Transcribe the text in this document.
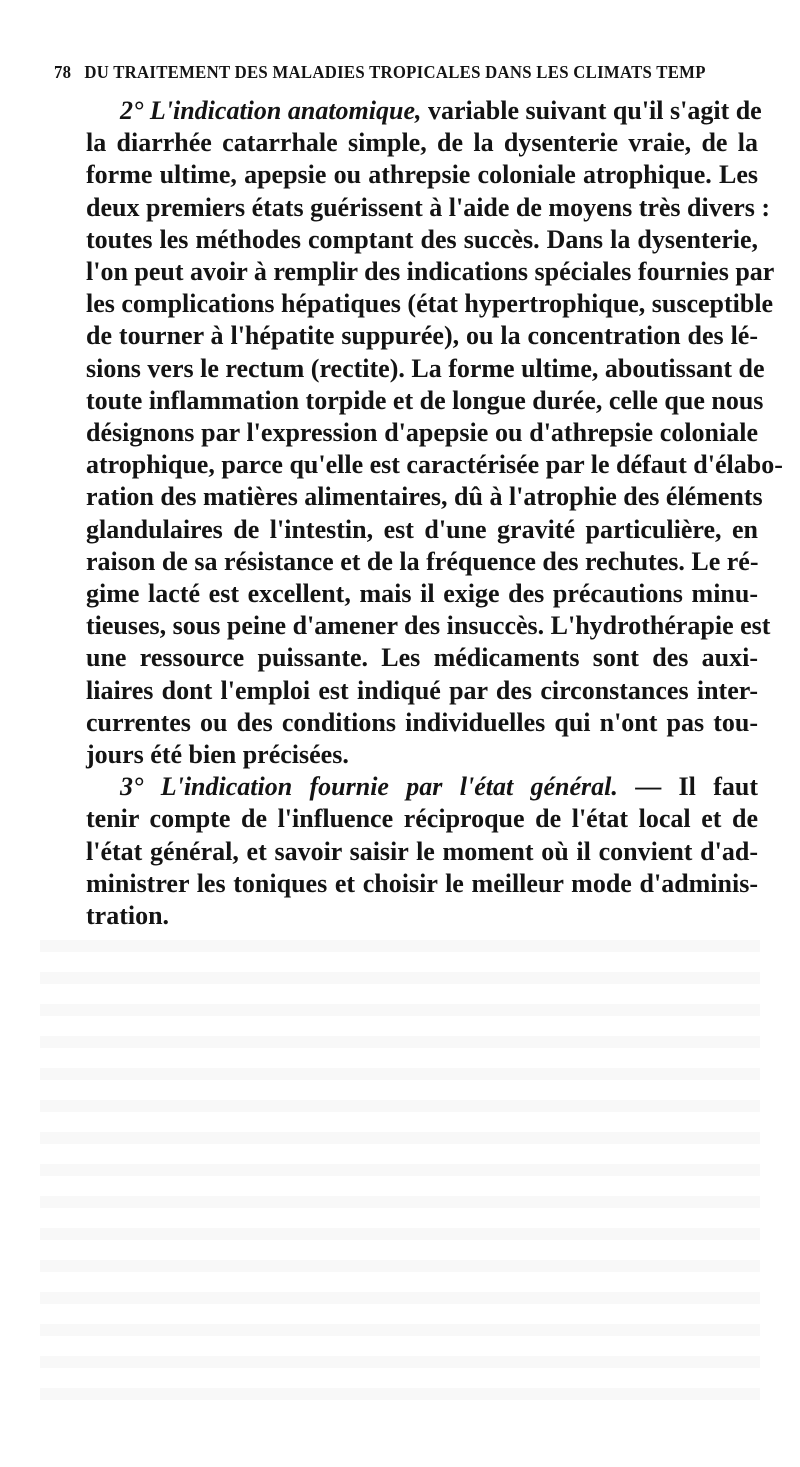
78 DU TRAITEMENT DES MALADIES TROPICALES DANS LES CLIMATS TEMP
2° L'indication anatomique, variable suivant qu'il s'agit de
la diarrhée catarrhale simple, de la dysenterie vraie, de la
forme ultime, apepsie ou athrepsie coloniale atrophique. Les
deux premiers états guérissent à l'aide de moyens très divers :
toutes les méthodes comptant des succès. Dans la dysenterie,
l'on peut avoir à remplir des indications spéciales fournies par
les complications hépatiques (état hypertrophique, susceptible
de tourner à l'hépatite suppurée), ou la concentration des lé-
sions vers le rectum (rectite). La forme ultime, aboutissant de
toute inflammation torpide et de longue durée, celle que nous
désignons par l'expression d'apepsie ou d'athrepsie coloniale
atrophique, parce qu'elle est caractérisée par le défaut d'élabo-
ration des matières alimentaires, dû à l'atrophie des éléments
glandulaires de l'intestin, est d'une gravité particulière, en
raison de sa résistance et de la fréquence des rechutes. Le ré-
gime lacté est excellent, mais il exige des précautions minu-
tieuses, sous peine d'amener des insuccès. L'hydrothérapie est
une ressource puissante. Les médicaments sont des auxi-
liaires dont l'emploi est indiqué par des circonstances inter-
currentes ou des conditions individuelles qui n'ont pas tou-
jours été bien précisées.
3° L'indication fournie par l'état général. — Il faut
tenir compte de l'influence réciproque de l'état local et de
l'état général, et savoir saisir le moment où il convient d'ad-
ministrer les toniques et choisir le meilleur mode d'adminis-
tration.
